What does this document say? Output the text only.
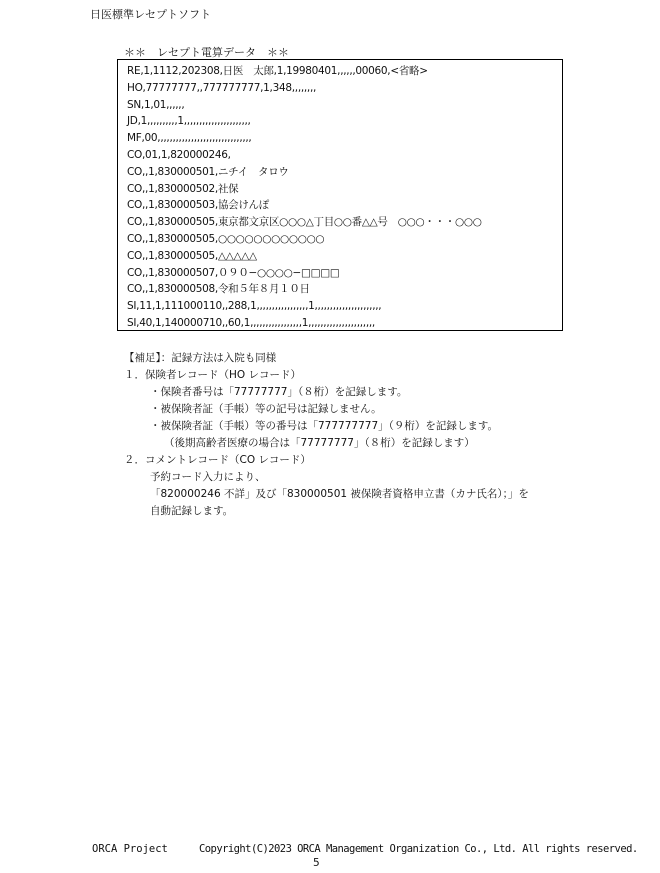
日医標準レセプトソフト
＊＊　レセプト電算データ　＊＊
RE,1,1112,202308,日医　太郎,1,19980401,,,,,,00060,<省略>
HO,77777777,,777777777,1,348,,,,,,,,
SN,1,01,,,,,,
JD,1,,,,,,,,,,1,,,,,,,,,,,,,,,,,,,,,,
MF,00,,,,,,,,,,,,,,,,,,,,,,,,,,,,,,,
CO,01,1,820000246,
CO,,1,830000501,ニチイ　タロウ
CO,,1,830000502,社保
CO,,1,830000503,協会けんぽ
CO,,1,830000505,東京都文京区○○○△丁目○○番△△号　○○○・・・○○○
CO,,1,830000505,○○○○○○○○○○○○
CO,,1,830000505,△△△△△
CO,,1,830000507,０９０−○○○○−□□□□
CO,,1,830000508,令和５年８月１０日
SI,11,1,111000110,,288,1,,,,,,,,,,,,,,,,,1,,,,,,,,,,,,,,,,,,,,,,
SI,40,1,140000710,,60,1,,,,,,,,,,,,,,,,,1,,,,,,,,,,,,,,,,,,,,,,
【補足】：記録方法は入院も同様
１．保険者レコード（HO レコード）
・保険者番号は「77777777」（８桁）を記録します。
・被保険者証（手帳）等の記号は記録しません。
・被保険者証（手帳）等の番号は「777777777」（９桁）を記録します。
（後期高齢者医療の場合は「77777777」（８桁）を記録します）
２．コメントレコード（CO レコード）
予約コード入力により、
「820000246 不詳」及び「830000501 被保険者資格申立書（カナ氏名）；」を
自動記録します。
ORCA Project	Copyright(C)2023 ORCA Management Organization Co., Ltd. All rights reserved.
5
